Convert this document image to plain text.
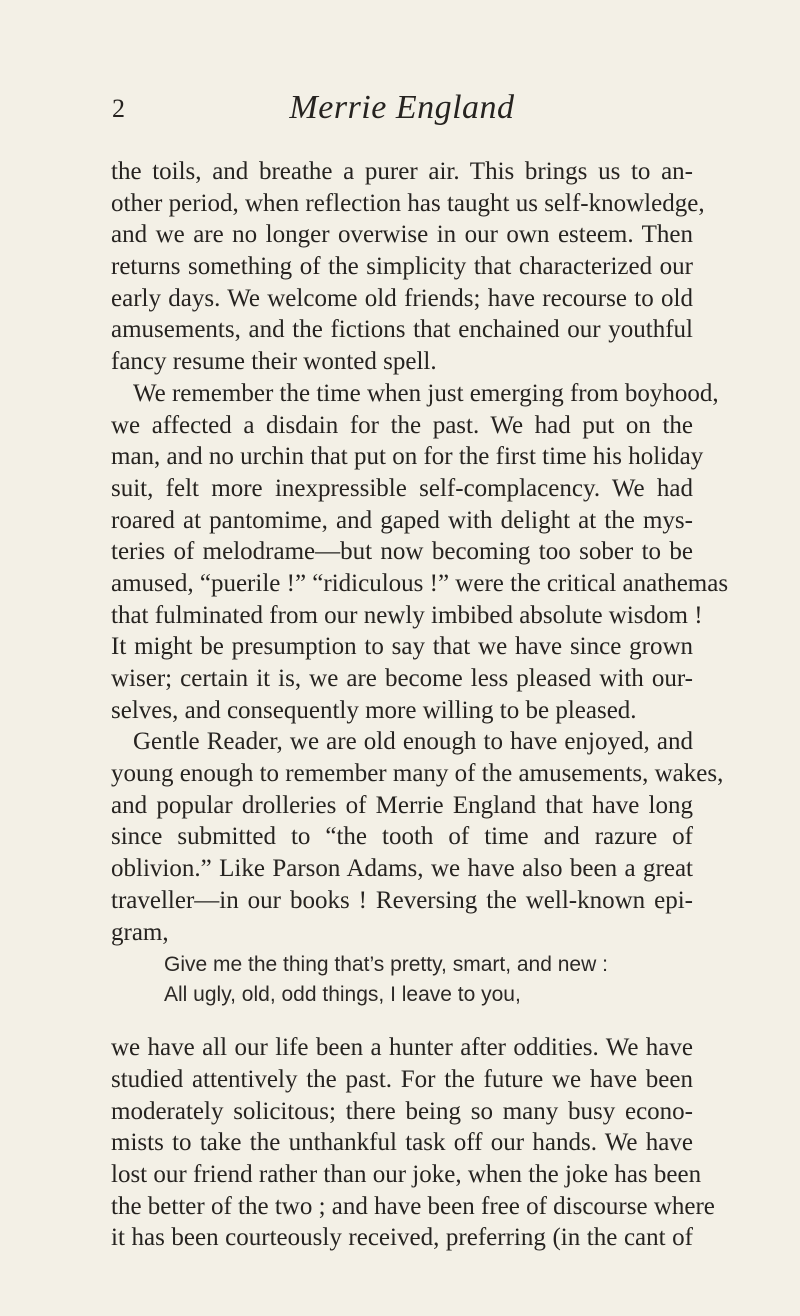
2	Merrie England
the toils, and breathe a purer air. This brings us to an-
other period, when reflection has taught us self-knowledge,
and we are no longer overwise in our own esteem. Then
returns something of the simplicity that characterized our
early days. We welcome old friends; have recourse to old
amusements, and the fictions that enchained our youthful
fancy resume their wonted spell.
We remember the time when just emerging from boyhood,
we affected a disdain for the past. We had put on the
man, and no urchin that put on for the first time his holiday
suit, felt more inexpressible self-complacency. We had
roared at pantomime, and gaped with delight at the mys-
teries of melodrame—but now becoming too sober to be
amused, “puerile !” “ridiculous !” were the critical anathemas
that fulminated from our newly imbibed absolute wisdom !
It might be presumption to say that we have since grown
wiser; certain it is, we are become less pleased with our-
selves, and consequently more willing to be pleased.
Gentle Reader, we are old enough to have enjoyed, and
young enough to remember many of the amusements, wakes,
and popular drolleries of Merrie England that have long
since submitted to “the tooth of time and razure of
oblivion.” Like Parson Adams, we have also been a great
traveller—in our books ! Reversing the well-known epi-
gram,
Give me the thing that’s pretty, smart, and new :
All ugly, old, odd things, I leave to you,
we have all our life been a hunter after oddities. We have
studied attentively the past. For the future we have been
moderately solicitous; there being so many busy econo-
mists to take the unthankful task off our hands. We have
lost our friend rather than our joke, when the joke has been
the better of the two ; and have been free of discourse where
it has been courteously received, preferring (in the cant of
